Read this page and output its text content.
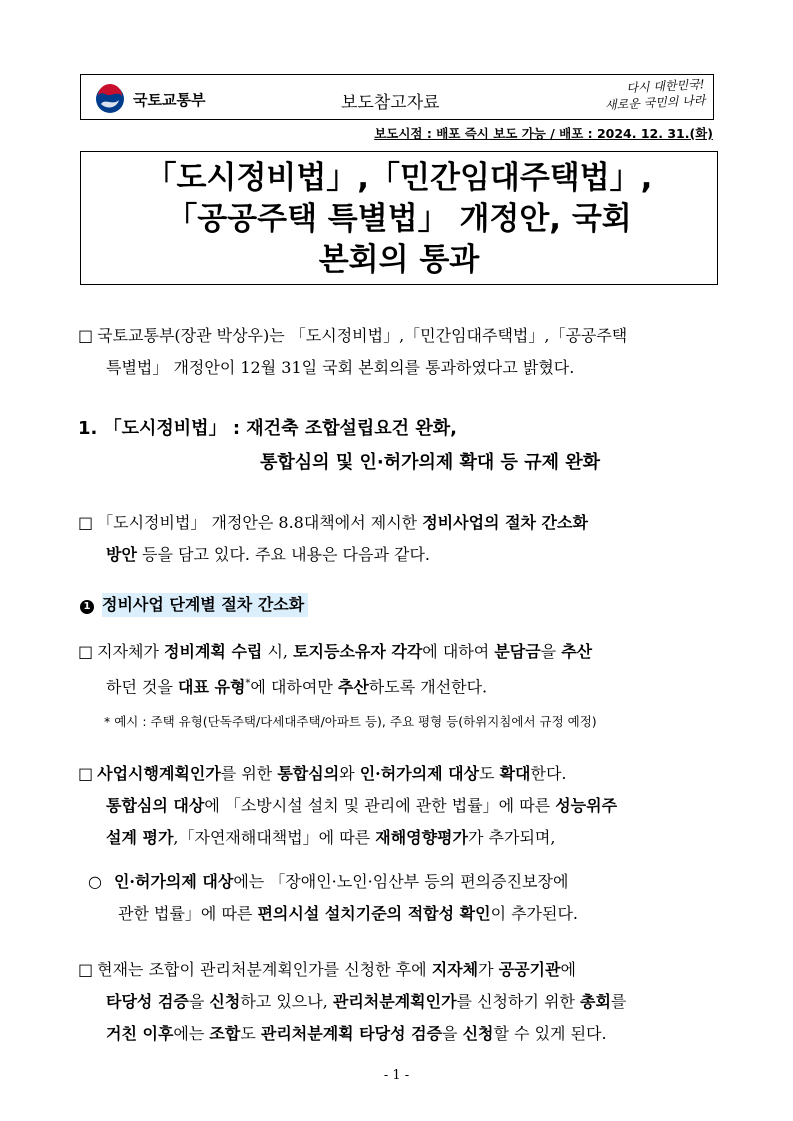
국토교통부	보도참고자료
다시 대한민국!
새로운 국민의 나라
보도시점 : 배포 즉시 보도 가능 / 배포 : 2024. 12. 31.(화)
「도시정비법」,「민간임대주택법」,
「공공주택 특별법」 개정안, 국회
본회의 통과
□ 국토교통부(장관 박상우)는 「도시정비법」,「민간임대주택법」,「공공주택
특별법」 개정안이 12월 31일 국회 본회의를 통과하였다고 밝혔다.
1. 「도시정비법」 : 재건축 조합설립요건 완화,
통합심의 및 인·허가의제 확대 등 규제 완화
□ 「도시정비법」 개정안은 8.8대책에서 제시한 정비사업의 절차 간소화
방안 등을 담고 있다. 주요 내용은 다음과 같다.
1 정비사업 단계별 절차 간소화
□ 지자체가 정비계획 수립 시, 토지등소유자 각각에 대하여 분담금을 추산
하던 것을 대표 유형*에 대하여만 추산하도록 개선한다.
* 예시 : 주택 유형(단독주택/다세대주택/아파트 등), 주요 평형 등(하위지침에서 규정 예정)
□ 사업시행계획인가를 위한 통합심의와 인·허가의제 대상도 확대한다.
통합심의 대상에 「소방시설 설치 및 관리에 관한 법률」에 따른 성능위주
설계 평가,「자연재해대책법」에 따른 재해영향평가가 추가되며,
○ 인·허가의제 대상에는 「장애인·노인·임산부 등의 편의증진보장에
관한 법률」에 따른 편의시설 설치기준의 적합성 확인이 추가된다.
□ 현재는 조합이 관리처분계획인가를 신청한 후에 지자체가 공공기관에
타당성 검증을 신청하고 있으나, 관리처분계획인가를 신청하기 위한 총회를
거친 이후에는 조합도 관리처분계획 타당성 검증을 신청할 수 있게 된다.
- 1 -
